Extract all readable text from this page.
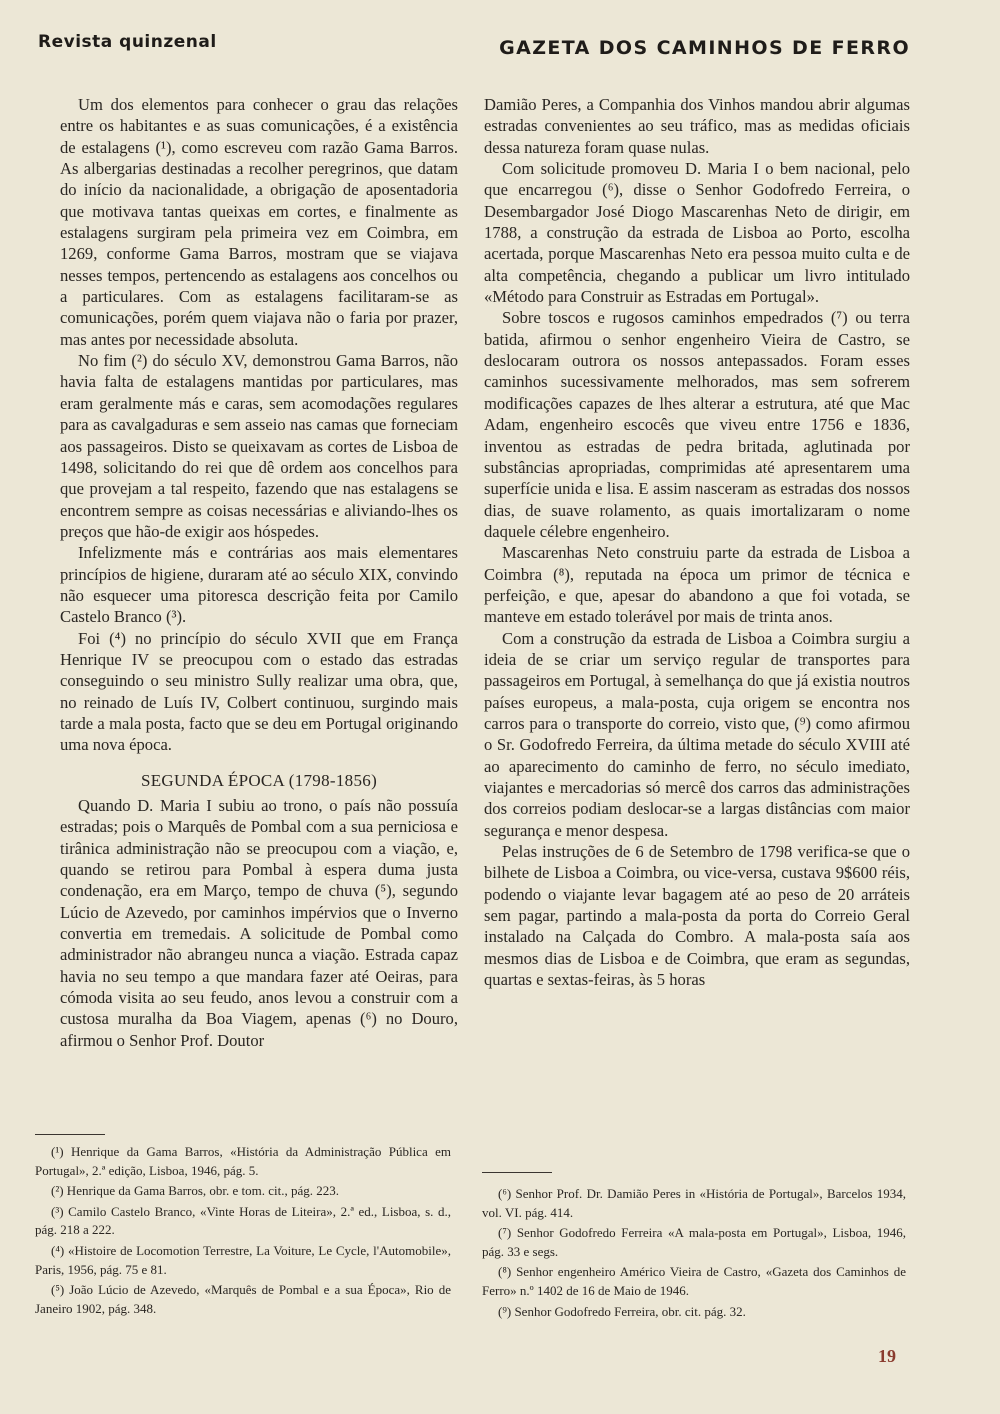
Revista quinzenal	GAZETA DOS CAMINHOS DE FERRO

Um dos elementos para conhecer o grau das relações entre os habitantes e as suas comunicações, é a existência de estalagens (¹), como escreveu com razão Gama Barros. As albergarias destinadas a recolher peregrinos, que datam do início da nacionalidade, a obrigação de aposentadoria que motivava tantas queixas em cortes, e finalmente as estalagens surgiram pela primeira vez em Coimbra, em 1269, conforme Gama Barros, mostram que se viajava nesses tempos, pertencendo as estalagens aos concelhos ou a particulares. Com as estalagens facilitaram-se as comunicações, porém quem viajava não o faria por prazer, mas antes por necessidade absoluta.

No fim (²) do século XV, demonstrou Gama Barros, não havia falta de estalagens mantidas por particulares, mas eram geralmente más e caras, sem acomodações regulares para as cavalgaduras e sem asseio nas camas que forneciam aos passageiros. Disto se queixavam as cortes de Lisboa de 1498, solicitando do rei que dê ordem aos concelhos para que provejam a tal respeito, fazendo que nas estalagens se encontrem sempre as coisas necessárias e aliviando-lhes os preços que hão-de exigir aos hóspedes.

Infelizmente más e contrárias aos mais elementares princípios de higiene, duraram até ao século XIX, convindo não esquecer uma pitoresca descrição feita por Camilo Castelo Branco (³).

Foi (⁴) no princípio do século XVII que em França Henrique IV se preocupou com o estado das estradas conseguindo o seu ministro Sully realizar uma obra, que, no reinado de Luís IV, Colbert continuou, surgindo mais tarde a mala posta, facto que se deu em Portugal originando uma nova época.

SEGUNDA ÉPOCA (1798-1856)

Quando D. Maria I subiu ao trono, o país não possuía estradas; pois o Marquês de Pombal com a sua perniciosa e tirânica administração não se preocupou com a viação, e, quando se retirou para Pombal à espera duma justa condenação, era em Março, tempo de chuva (⁵), segundo Lúcio de Azevedo, por caminhos impérvios que o Inverno convertia em tremedais. A solicitude de Pombal como administrador não abrangeu nunca a viação. Estrada capaz havia no seu tempo a que mandara fazer até Oeiras, para cómoda visita ao seu feudo, anos levou a construir com a custosa muralha da Boa Viagem, apenas (⁶) no Douro, afirmou o Senhor Prof. Doutor

Damião Peres, a Companhia dos Vinhos mandou abrir algumas estradas convenientes ao seu tráfico, mas as medidas oficiais dessa natureza foram quase nulas.

Com solicitude promoveu D. Maria I o bem nacional, pelo que encarregou (⁶), disse o Senhor Godofredo Ferreira, o Desembargador José Diogo Mascarenhas Neto de dirigir, em 1788, a construção da estrada de Lisboa ao Porto, escolha acertada, porque Mascarenhas Neto era pessoa muito culta e de alta competência, chegando a publicar um livro intitulado «Método para Construir as Estradas em Portugal».

Sobre toscos e rugosos caminhos empedrados (⁷) ou terra batida, afirmou o senhor engenheiro Vieira de Castro, se deslocaram outrora os nossos antepassados. Foram esses caminhos sucessivamente melhorados, mas sem sofrerem modificações capazes de lhes alterar a estrutura, até que Mac Adam, engenheiro escocês que viveu entre 1756 e 1836, inventou as estradas de pedra britada, aglutinada por substâncias apropriadas, comprimidas até apresentarem uma superfície unida e lisa. E assim nasceram as estradas dos nossos dias, de suave rolamento, as quais imortalizaram o nome daquele célebre engenheiro.

Mascarenhas Neto construiu parte da estrada de Lisboa a Coimbra (⁸), reputada na época um primor de técnica e perfeição, e que, apesar do abandono a que foi votada, se manteve em estado tolerável por mais de trinta anos.

Com a construção da estrada de Lisboa a Coimbra surgiu a ideia de se criar um serviço regular de transportes para passageiros em Portugal, à semelhança do que já existia noutros países europeus, a mala-posta, cuja origem se encontra nos carros para o transporte do correio, visto que, (⁹) como afirmou o Sr. Godofredo Ferreira, da última metade do século XVIII até ao aparecimento do caminho de ferro, no século imediato, viajantes e mercadorias só mercê dos carros das administrações dos correios podiam deslocar-se a largas distâncias com maior segurança e menor despesa.

Pelas instruções de 6 de Setembro de 1798 verifica-se que o bilhete de Lisboa a Coimbra, ou vice-versa, custava 9$600 réis, podendo o viajante levar bagagem até ao peso de 20 arráteis sem pagar, partindo a mala-posta da porta do Correio Geral instalado na Calçada do Combro. A mala-posta saía aos mesmos dias de Lisboa e de Coimbra, que eram as segundas, quartas e sextas-feiras, às 5 horas

(¹) Henrique da Gama Barros, «História da Administração Pública em Portugal», 2.ª edição, Lisboa, 1946, pág. 5.

(²) Henrique da Gama Barros, obr. e tom. cit., pág. 223.

(³) Camilo Castelo Branco, «Vinte Horas de Liteira», 2.ª ed., Lisboa, s. d., pág. 218 a 222.

(⁴) «Histoire de Locomotion Terrestre, La Voiture, Le Cycle, l'Automobile», Paris, 1956, pág. 75 e 81.

(⁵) João Lúcio de Azevedo, «Marquês de Pombal e a sua Época», Rio de Janeiro 1902, pág. 348.

(⁶) Senhor Prof. Dr. Damião Peres in «História de Portugal», Barcelos 1934, vol. VI. pág. 414.

(⁷) Senhor Godofredo Ferreira «A mala-posta em Portugal», Lisboa, 1946, pág. 33 e segs.

(⁸) Senhor engenheiro Américo Vieira de Castro, «Gazeta dos Caminhos de Ferro» n.º 1402 de 16 de Maio de 1946.

(⁹) Senhor Godofredo Ferreira, obr. cit. pág. 32.

19
